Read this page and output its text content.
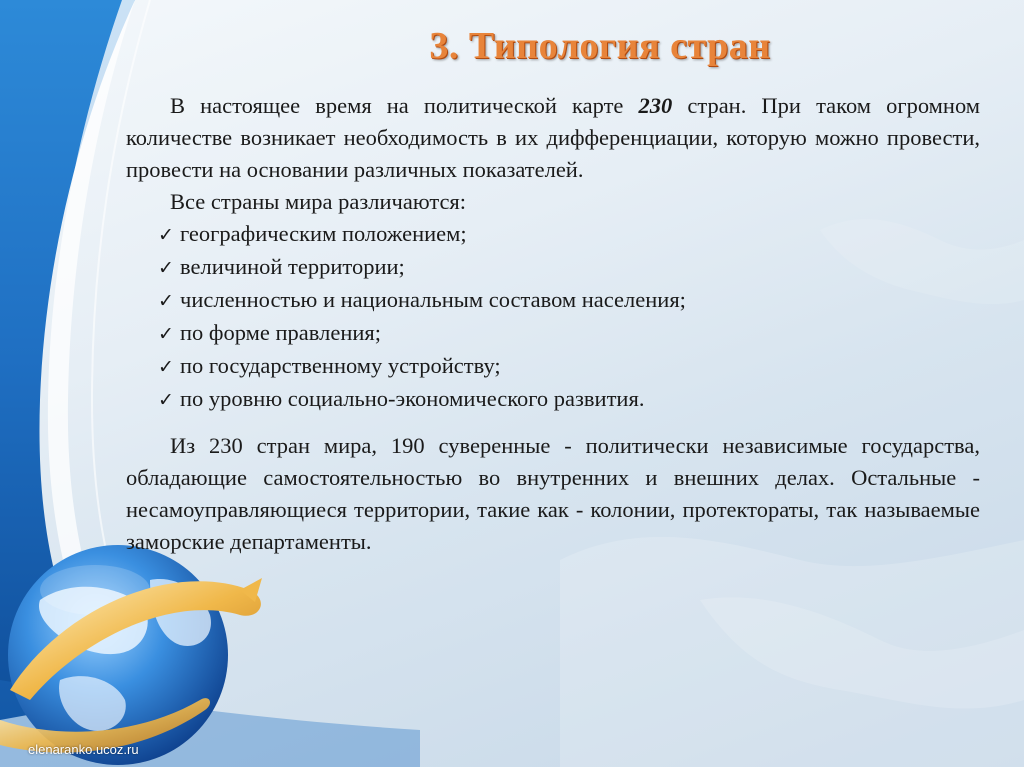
3. Типология стран

В настоящее время на политической карте 230 стран. При таком огромном количестве возникает необходимость в их дифференциации, которую можно провести, провести на основании различных показателей.

Все страны мира различаются:

✓ географическим положением;
✓ величиной территории;
✓ численностью и национальным составом населения;
✓ по форме правления;
✓ по государственному устройству;
✓ по уровню социально-экономического развития.

Из 230 стран мира, 190 суверенные - политически независимые государства, обладающие самостоятельностью во внутренних и внешних делах. Остальные - несамоуправляющиеся территории, такие как - колонии, протектораты, так называемые заморские департаменты.

elenaranko.ucoz.ru
